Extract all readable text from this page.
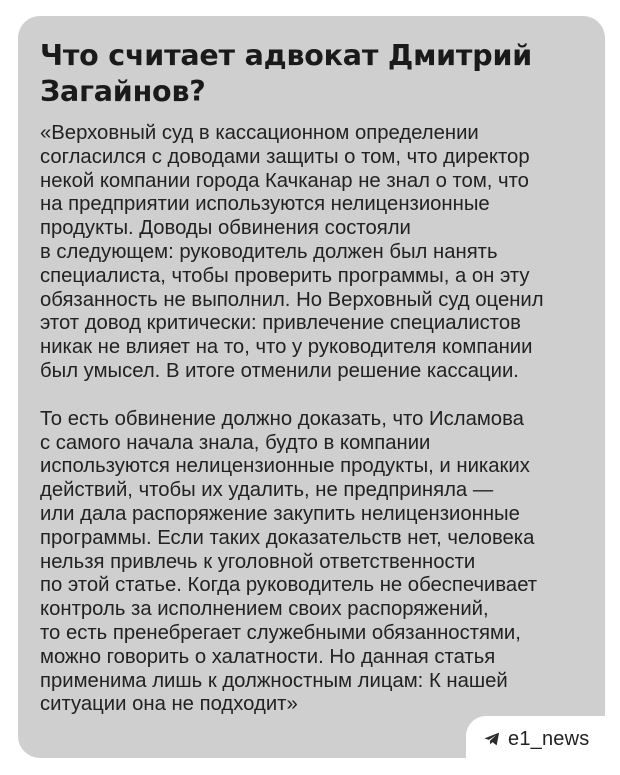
Что считает адвокат Дмитрий
Загайнов?

«Верховный суд в кассационном определении
согласился с доводами защиты о том, что директор
некой компании города Качканар не знал о том, что
на предприятии используются нелицензионные
продукты. Доводы обвинения состояли
в следующем: руководитель должен был нанять
специалиста, чтобы проверить программы, а он эту
обязанность не выполнил. Но Верховный суд оценил
этот довод критически: привлечение специалистов
никак не влияет на то, что у руководителя компании
был умысел. В итоге отменили решение кассации.

То есть обвинение должно доказать, что Исламова
с самого начала знала, будто в компании
используются нелицензионные продукты, и никаких
действий, чтобы их удалить, не предприняла —
или дала распоряжение закупить нелицензионные
программы. Если таких доказательств нет, человека
нельзя привлечь к уголовной ответственности
по этой статье. Когда руководитель не обеспечивает
контроль за исполнением своих распоряжений,
то есть пренебрегает служебными обязанностями,
можно говорить о халатности. Но данная статья
применима лишь к должностным лицам: К нашей
ситуации она не подходит»

e1_news
